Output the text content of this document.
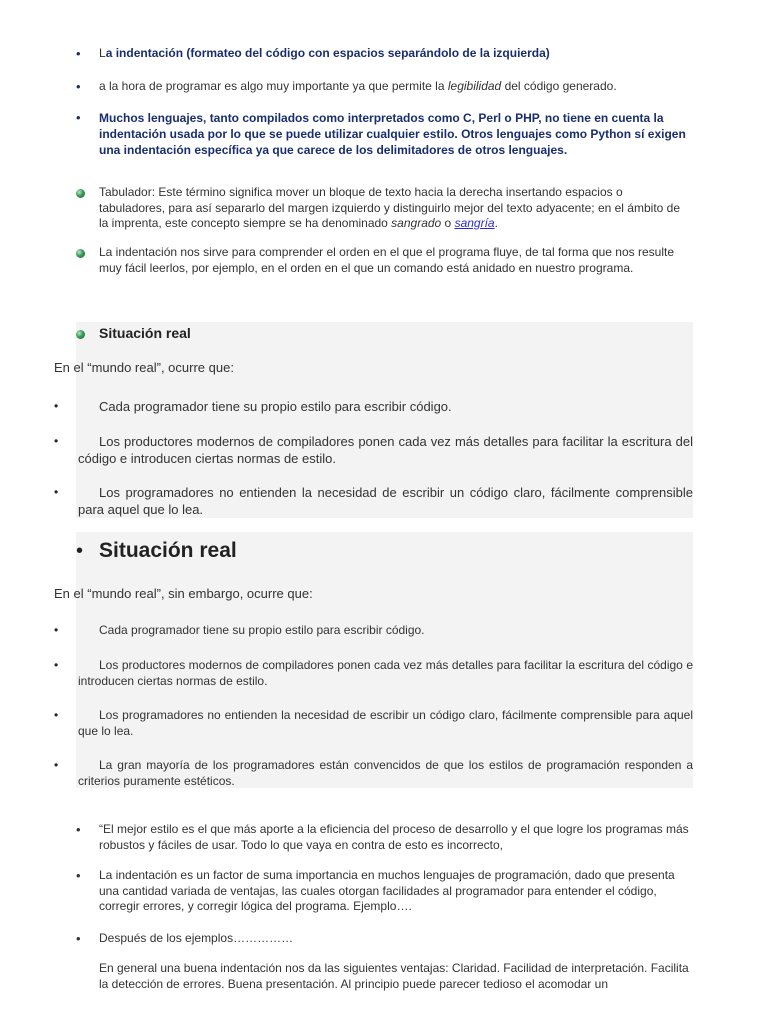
• La indentación (formateo del código con espacios separándolo de la izquierda)
• a la hora de programar es algo muy importante ya que permite la legibilidad del código generado.
• Muchos lenguajes, tanto compilados como interpretados como C, Perl o PHP, no tiene en cuenta la indentación usada por lo que se puede utilizar cualquier estilo. Otros lenguajes como Python sí exigen una indentación específica ya que carece de los delimitadores de otros lenguajes.
Tabulador: Este término significa mover un bloque de texto hacia la derecha insertando espacios o tabuladores, para así separarlo del margen izquierdo y distinguirlo mejor del texto adyacente; en el ámbito de la imprenta, este concepto siempre se ha denominado sangrado o sangría.
La indentación nos sirve para comprender el orden en el que el programa fluye, de tal forma que nos resulte muy fácil leerlos, por ejemplo, en el orden en el que un comando está anidado en nuestro programa.
Situación real
En el “mundo real”, ocurre que:
•	Cada programador tiene su propio estilo para escribir código.
•	Los productores modernos de compiladores ponen cada vez más detalles para facilitar la escritura del código e introducen ciertas normas de estilo.
•	Los programadores no entienden la necesidad de escribir un código claro, fácilmente comprensible para aquel que lo lea.
• Situación real
En el “mundo real”, sin embargo, ocurre que:
•	Cada programador tiene su propio estilo para escribir código.
•	Los productores modernos de compiladores ponen cada vez más detalles para facilitar la escritura del código e introducen ciertas normas de estilo.
•	Los programadores no entienden la necesidad de escribir un código claro, fácilmente comprensible para aquel que lo lea.
•	La gran mayoría de los programadores están convencidos de que los estilos de programación responden a criterios puramente estéticos.
• “El mejor estilo es el que más aporte a la eficiencia del proceso de desarrollo y el que logre los programas más robustos y fáciles de usar. Todo lo que vaya en contra de esto es incorrecto,
• La indentación es un factor de suma importancia en muchos lenguajes de programación, dado que presenta una cantidad variada de ventajas, las cuales otorgan facilidades al programador para entender el código, corregir errores, y corregir lógica del programa. Ejemplo….
• Después de los ejemplos……………
En general una buena indentación nos da las siguientes ventajas: Claridad. Facilidad de interpretación. Facilita la detección de errores. Buena presentación. Al principio puede parecer tedioso el acomodar un
